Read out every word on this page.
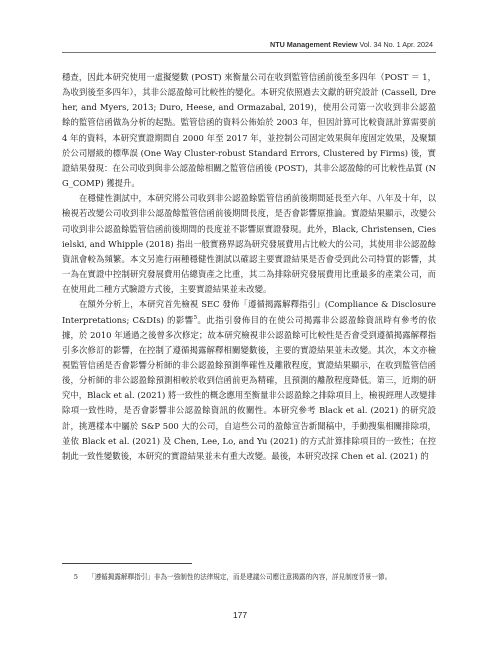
NTU Management Review Vol. 34 No. 1 Apr. 2024

穩查，因此本研究使用一虛擬變數 (POST) 來衡量公司在收到監管信函前後至多四年（POST ＝ 1，為收到後至多四年），其非公認盈餘可比較性的變化。本研究依照過去文獻的研究設計 (Cassell, Dreher, and Myers, 2013; Duro, Heese, and Ormazabal, 2019)，使用公司第一次收到非公認盈餘的監管信函做為分析的起點。監管信函的資料公佈始於 2003 年，但因計算可比較資訊計算需要前 4 年的資料，本研究實證期間自 2000 年至 2017 年，並控制公司固定效果與年度固定效果，及聚類於公司層級的標準誤 (One Way Cluster-robust Standard Errors, Clustered by Firms) 後，實證結果發現：在公司收到與非公認盈餘相關之監管信函後 (POST)，其非公認盈餘的可比較性品質 (NG_COMP) 獲提升。

在穩健性測試中，本研究將公司收到非公認盈餘監管信函前後期間延長至六年、八年及十年，以檢視若改變公司收到非公認盈餘監管信函前後期間長度，是否會影響原推論。實證結果顯示，改變公司收到非公認盈餘監管信函前後期間的長度並不影響原實證發現。此外，Black, Christensen, Ciesielski, and Whipple (2018) 指出一般實務界認為研究發展費用占比較大的公司，其使用非公認盈餘資訊會較為頻繁。本文另進行兩種穩健性測試以確認主要實證結果是否會受到此公司特質的影響，其一為在實證中控制研究發展費用佔總資產之比重，其二為排除研究發展費用比重最多的產業公司，而在使用此二種方式驗證方式後，主要實證結果並未改變。

在額外分析上，本研究首先檢視 SEC 發佈「遵循揭露解釋指引」(Compliance & Disclosure Interpretations; C&DIs) 的影響$^5$。此指引發佈目的在使公司揭露非公認盈餘資訊時有參考的依據，於 2010 年通過之後曾多次修定；故本研究檢視非公認盈餘可比較性是否會受到遵循揭露解釋指引多次修訂的影響，在控制了遵循揭露解釋相關變數後，主要的實證結果並未改變。其次，本文亦檢視監管信函是否會影響分析師的非公認盈餘預測準確性及離散程度，實證結果顯示，在收到監管信函後，分析師的非公認盈餘預測相較於收到信函前更為精確，且預測的離散程度降低。第三，近期的研究中，Black et al. (2021) 將一致性的概念應用至衡量非公認盈餘之排除項目上，檢視經理人改變排除項一致性時，是否會影響非公認盈餘資訊的攸關性。本研究參考 Black et al. (2021) 的研究設計，挑選樣本中屬於 S&P 500 大的公司，自這些公司的盈餘宣告新聞稿中，手動搜集相關排除項，並依 Black et al. (2021) 及 Chen, Lee, Lo, and Yu (2021) 的方式計算排除項目的一致性；在控制此一致性變數後，本研究的實證結果並未有重大改變。最後，本研究改採 Chen et al. (2021) 的

5	「遵循揭露解釋指引」非為一強制性的法律規定，而是建議公司應注意揭露的內容，詳見制度背景一節。
177
